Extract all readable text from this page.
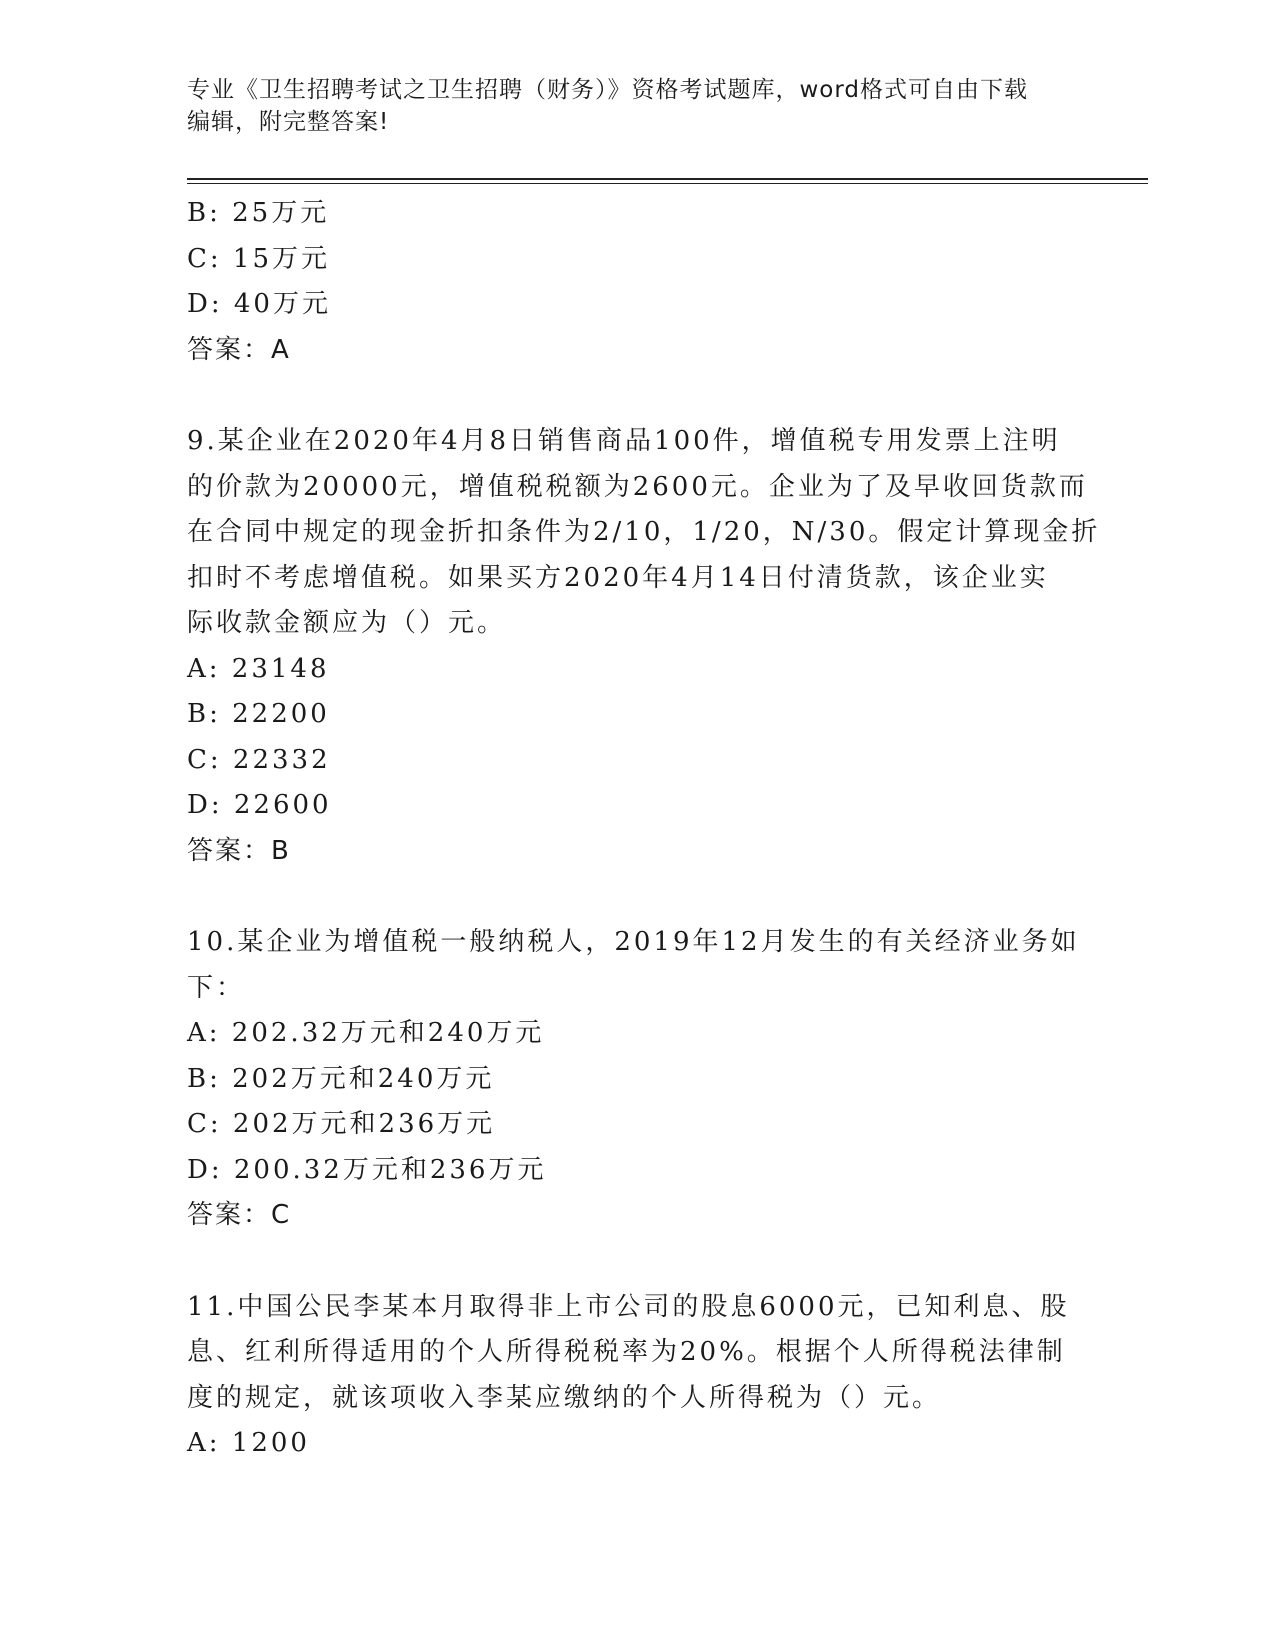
专业《卫生招聘考试之卫生招聘（财务）》资格考试题库，word格式可自由下载
编辑，附完整答案!
B: 25万元
C: 15万元
D: 40万元
答案：A
9.某企业在2020年4月8日销售商品100件，增值税专用发票上注明
的价款为20000元，增值税税额为2600元。企业为了及早收回货款而
在合同中规定的现金折扣条件为2/10，1/20，N/30。假定计算现金折
扣时不考虑增值税。如果买方2020年4月14日付清货款，该企业实
际收款金额应为（）元。
A: 23148
B: 22200
C: 22332
D: 22600
答案：B
10.某企业为增值税一般纳税人，2019年12月发生的有关经济业务如
下：
A: 202.32万元和240万元
B: 202万元和240万元
C: 202万元和236万元
D: 200.32万元和236万元
答案：C
11.中国公民李某本月取得非上市公司的股息6000元，已知利息、股
息、红利所得适用的个人所得税税率为20%。根据个人所得税法律制
度的规定，就该项收入李某应缴纳的个人所得税为（）元。
A: 1200
